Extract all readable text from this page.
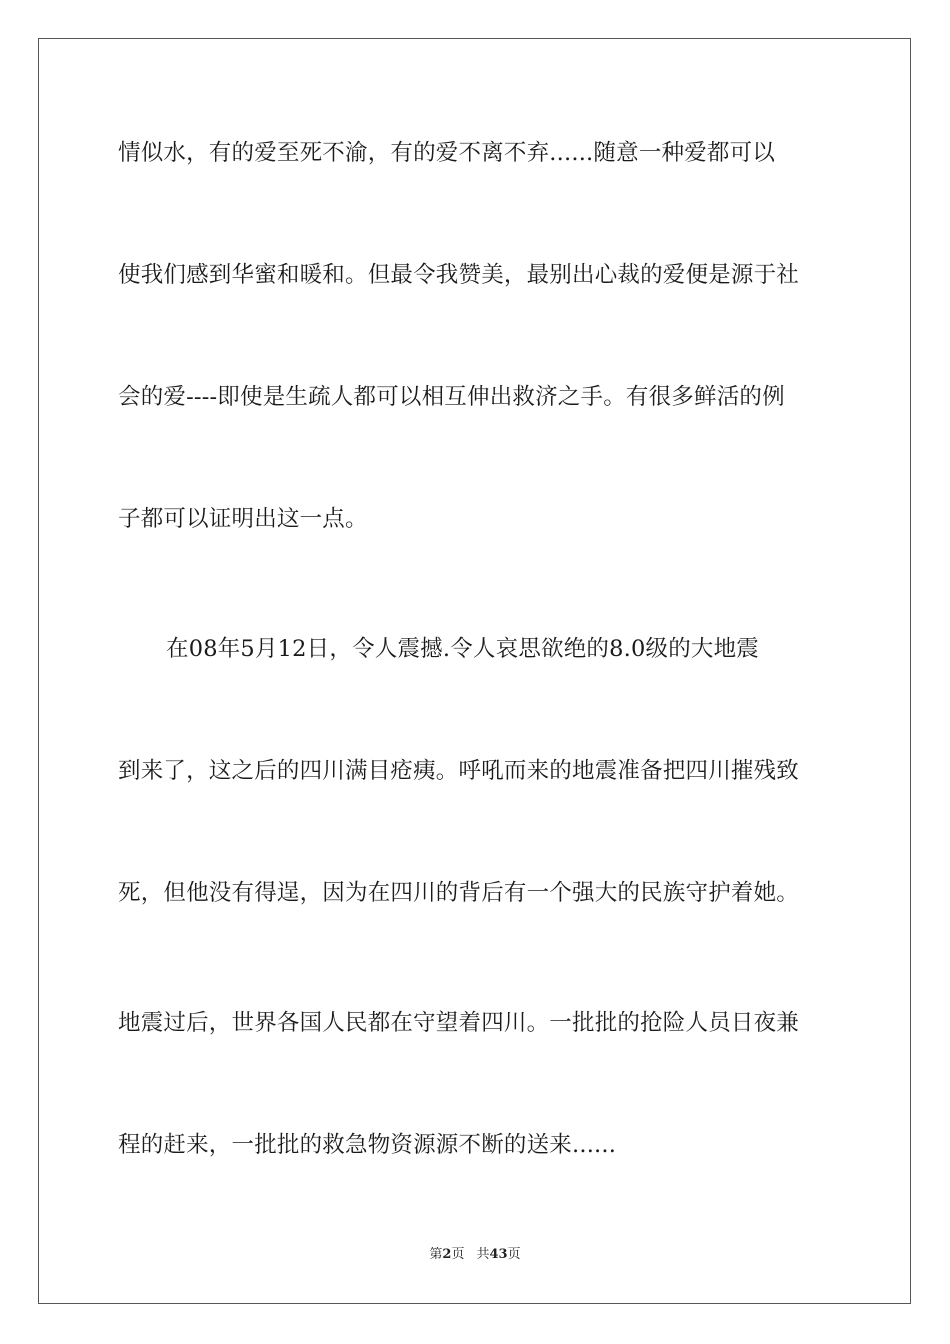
情似水，有的爱至死不渝，有的爱不离不弃......随意一种爱都可以
使我们感到华蜜和暖和。但最令我赞美，最别出心裁的爱便是源于社
会的爱----即使是生疏人都可以相互伸出救济之手。有很多鲜活的例
子都可以证明出这一点。
在08年5月12日，令人震撼.令人哀思欲绝的8.0级的大地震
到来了，这之后的四川满目疮痍。呼吼而来的地震准备把四川摧残致
死，但他没有得逞，因为在四川的背后有一个强大的民族守护着她。
地震过后，世界各国人民都在守望着四川。一批批的抢险人员日夜兼
程的赶来，一批批的救急物资源源不断的送来......
第2页 共43页
